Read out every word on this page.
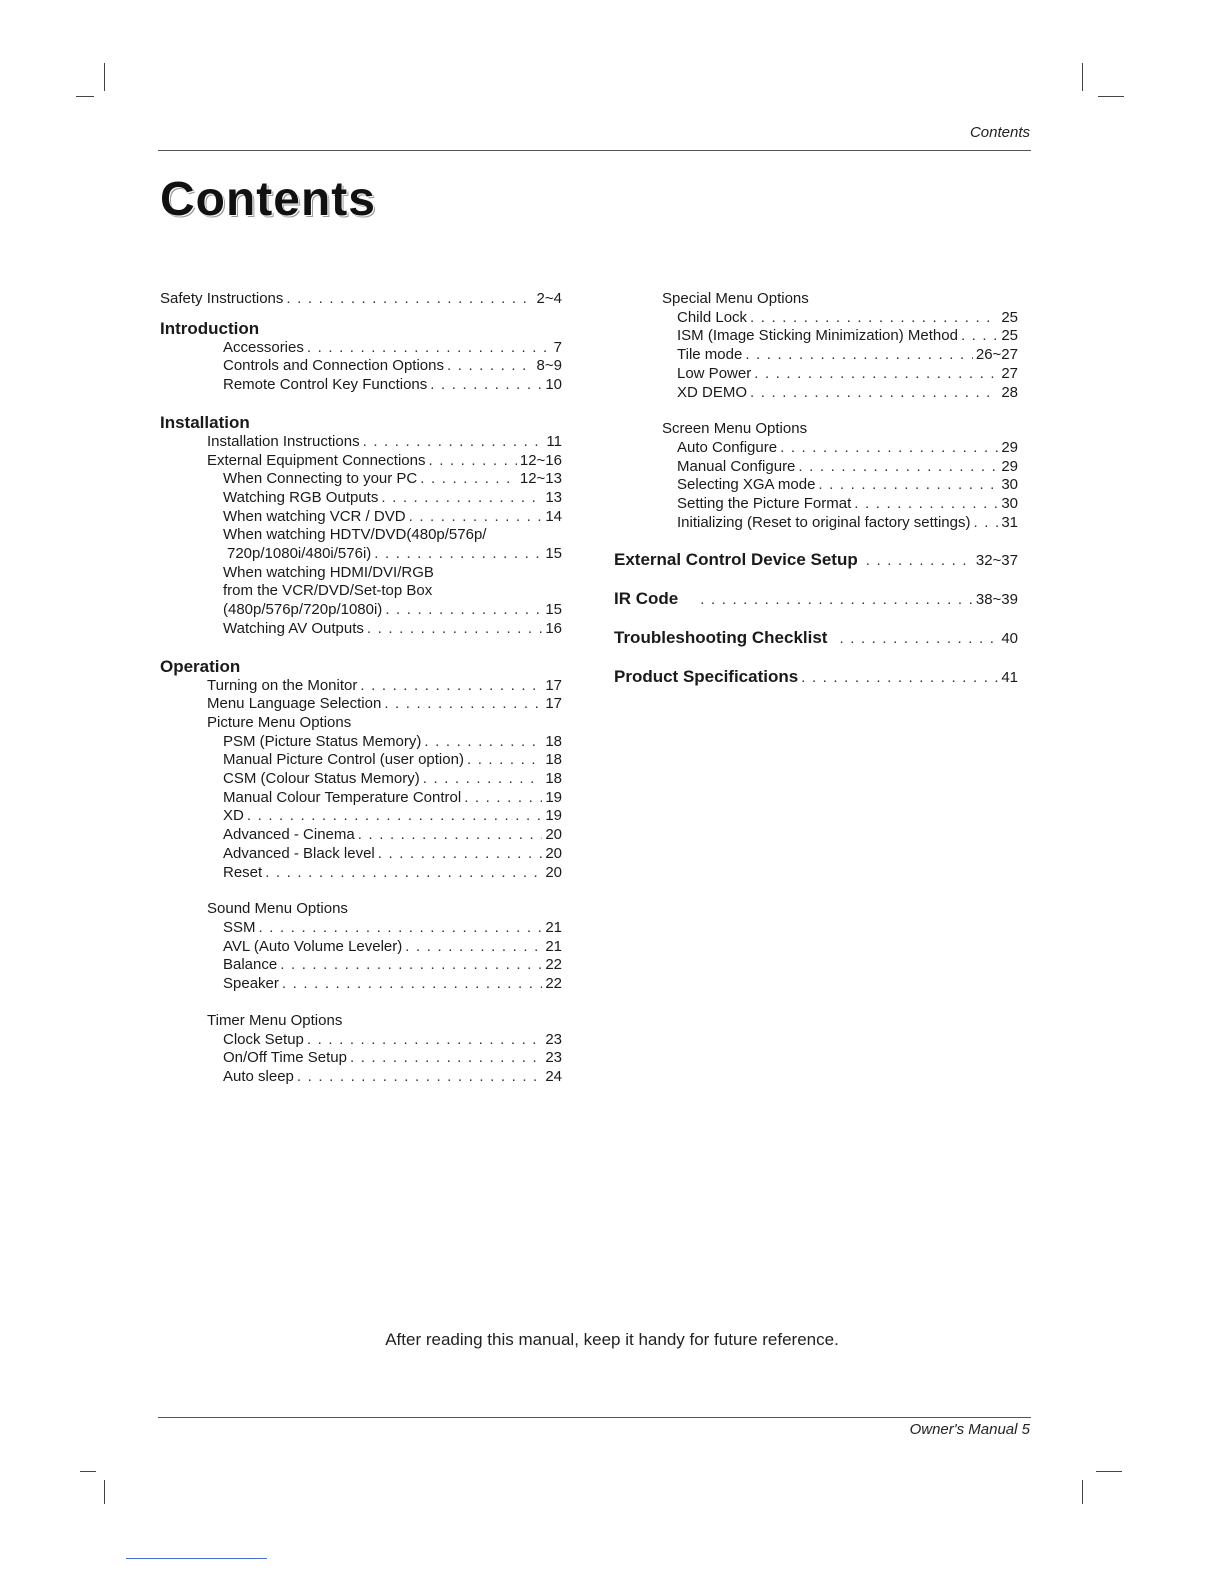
Contents
Contents
Safety Instructions . . .	2~4
Introduction
Accessories . . .	7
Controls and Connection Options . . .	8~9
Remote Control Key Functions . . .	10
Installation
Installation Instructions . . .	11
External Equipment Connections . . .	12~16
When Connecting to your PC . . .	12~13
Watching RGB Outputs . . .	13
When watching VCR / DVD . . .	14
When watching HDTV/DVD(480p/576p/
720p/1080i/480i/576i) . . .	15
When watching HDMI/DVI/RGB
from the VCR/DVD/Set-top Box
(480p/576p/720p/1080i) . . .	15
Watching AV Outputs . . .	16
Operation
Turning on the Monitor . . .	17
Menu Language Selection . . .	17
Picture Menu Options
PSM (Picture Status Memory) . . .	18
Manual Picture Control (user option) . . .	18
CSM (Colour Status Memory) . . .	18
Manual Colour Temperature Control . . .	19
XD . . .	19
Advanced - Cinema . . .	20
Advanced - Black level . . .	20
Reset . . .	20
Sound Menu Options
SSM . . .	21
AVL (Auto Volume Leveler) . . .	21
Balance . . .	22
Speaker . . .	22
Timer Menu Options
Clock Setup . . .	23
On/Off Time Setup . . .	23
Auto sleep . . .	24
Special Menu Options
Child Lock . . .	25
ISM (Image Sticking Minimization) Method . . .	25
Tile mode . . .	26~27
Low Power . . .	27
XD DEMO . . .	28
Screen Menu Options
Auto Configure . . .	29
Manual Configure . . .	29
Selecting XGA mode . . .	30
Setting the Picture Format . . .	30
Initializing (Reset to original factory settings) . . . 31
External Control Device Setup . . .	32~37
IR Code . . .	38~39
Troubleshooting Checklist . . .	40
Product Specifications . . .	41
After reading this manual, keep it handy for future reference.
Owner's Manual 5
